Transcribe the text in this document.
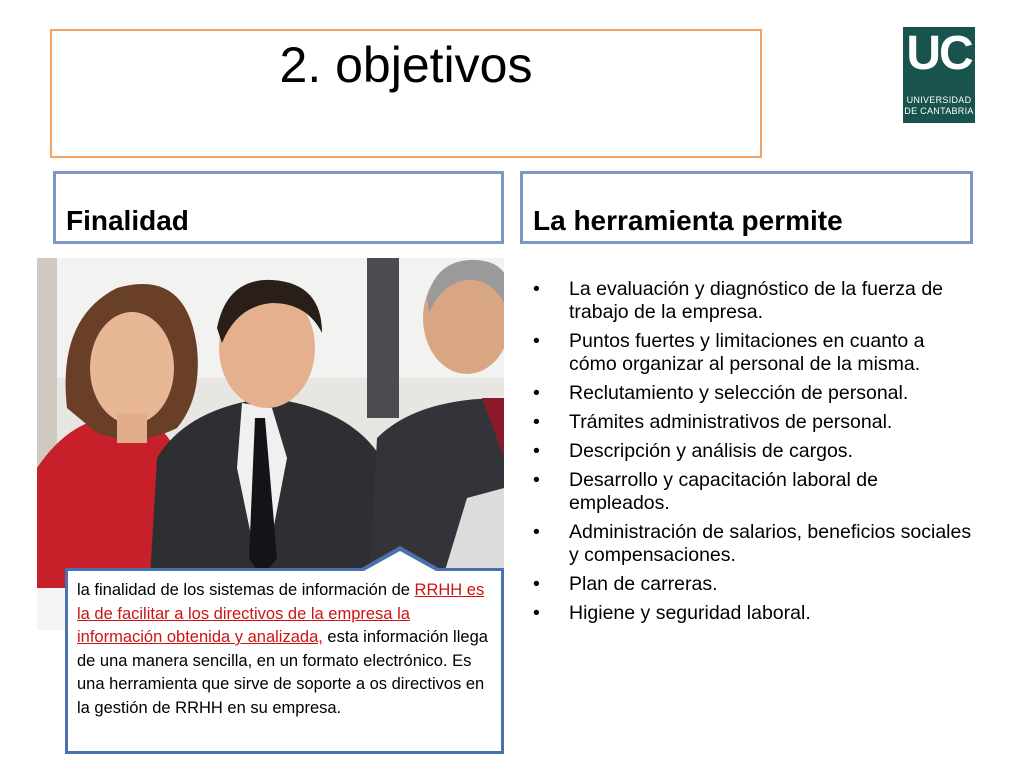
2. objetivos	UC
UNIVERSIDAD
DE CANTABRIA
Finalidad	La herramienta permite
• La evaluación y diagnóstico de la fuerza de trabajo de la empresa.
• Puntos fuertes y limitaciones en cuanto a cómo organizar al personal de la misma.
• Reclutamiento y selección de personal.
• Trámites administrativos de personal.
• Descripción y análisis de cargos.
• Desarrollo y capacitación laboral de empleados.
• Administración de salarios, beneficios sociales y compensaciones.
• Plan de carreras.
• Higiene y seguridad laboral.
la finalidad de los sistemas de información de RRHH es la de facilitar a los directivos de la empresa la información obtenida y analizada, esta información llega de una manera sencilla, en un formato electrónico. Es una herramienta que sirve de soporte a os directivos en la gestión de RRHH en su empresa.
